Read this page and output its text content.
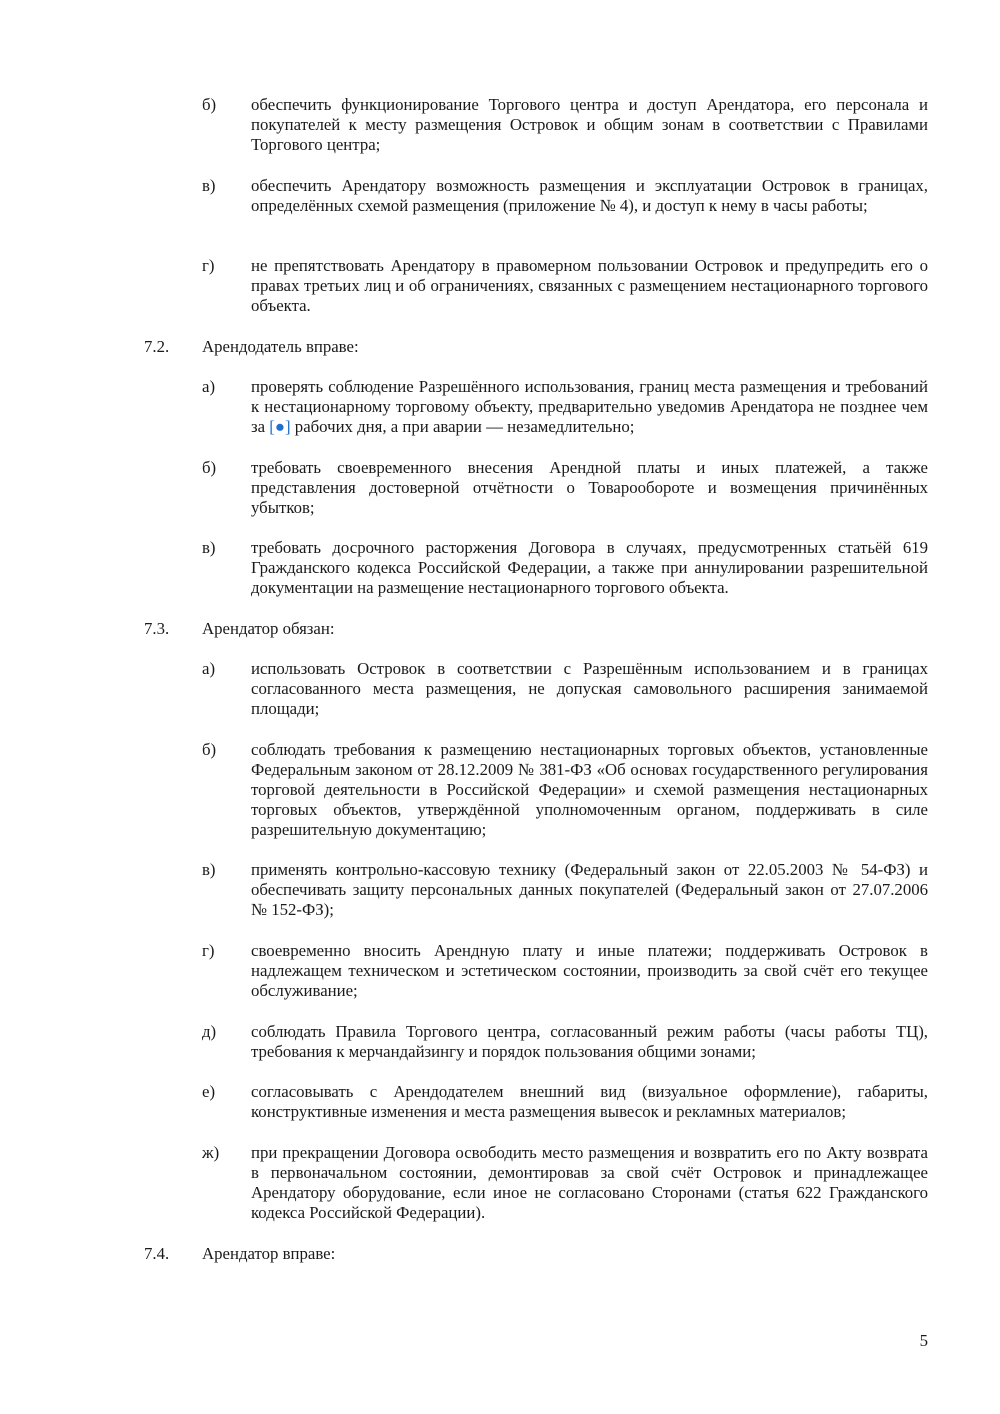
б)	обеспечить функционирование Торгового центра и доступ Арендатора, его персонала и покупателей к месту размещения Островок и общим зонам в соответствии с Правилами Торгового центра;
в)	обеспечить Арендатору возможность размещения и эксплуатации Островок в границах, определённых схемой размещения (приложение № 4), и доступ к нему в часы работы;
г)	не препятствовать Арендатору в правомерном пользовании Островок и предупредить его о правах третьих лиц и об ограничениях, связанных с размещением нестационарного торгового объекта.
7.2. Арендодатель вправе:
а)	проверять соблюдение Разрешённого использования, границ места размещения и требований к нестационарному торговому объекту, предварительно уведомив Арендатора не позднее чем за [●] рабочих дня, а при аварии — незамедлительно;
б)	требовать своевременного внесения Арендной платы и иных платежей, а также представления достоверной отчётности о Товарообороте и возмещения причинённых убытков;
в)	требовать досрочного расторжения Договора в случаях, предусмотренных статьёй 619 Гражданского кодекса Российской Федерации, а также при аннулировании разрешительной документации на размещение нестационарного торгового объекта.
7.3. Арендатор обязан:
а)	использовать Островок в соответствии с Разрешённым использованием и в границах согласованного места размещения, не допуская самовольного расширения занимаемой площади;
б)	соблюдать требования к размещению нестационарных торговых объектов, установленные Федеральным законом от 28.12.2009 № 381-ФЗ «Об основах государственного регулирования торговой деятельности в Российской Федерации» и схемой размещения нестационарных торговых объектов, утверждённой уполномоченным органом, поддерживать в силе разрешительную документацию;
в)	применять контрольно-кассовую технику (Федеральный закон от 22.05.2003 № 54-ФЗ) и обеспечивать защиту персональных данных покупателей (Федеральный закон от 27.07.2006 № 152-ФЗ);
г)	своевременно вносить Арендную плату и иные платежи; поддерживать Островок в надлежащем техническом и эстетическом состоянии, производить за свой счёт его текущее обслуживание;
д)	соблюдать Правила Торгового центра, согласованный режим работы (часы работы ТЦ), требования к мерчандайзингу и порядок пользования общими зонами;
е)	согласовывать с Арендодателем внешний вид (визуальное оформление), габариты, конструктивные изменения и места размещения вывесок и рекламных материалов;
ж)	при прекращении Договора освободить место размещения и возвратить его по Акту возврата в первоначальном состоянии, демонтировав за свой счёт Островок и принадлежащее Арендатору оборудование, если иное не согласовано Сторонами (статья 622 Гражданского кодекса Российской Федерации).
7.4. Арендатор вправе:
5
